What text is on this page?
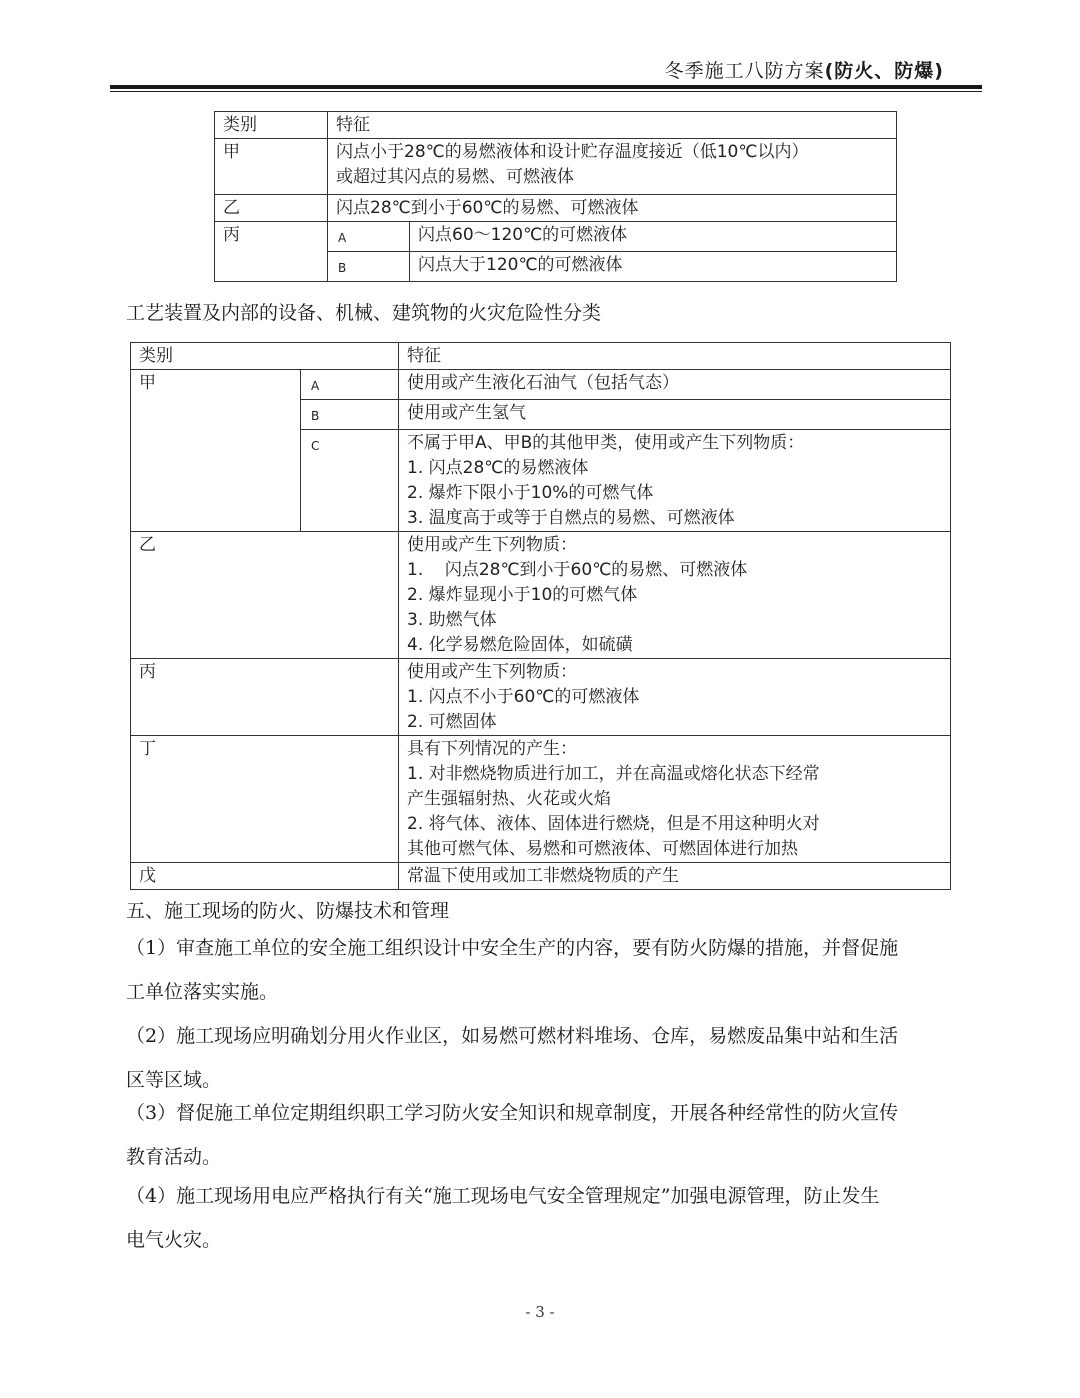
冬季施工八防方案(防火、防爆)
类别	特征	
甲	闪点小于28℃的易燃液体和设计贮存温度接近（低10℃以内）
或超过其闪点的易燃、可燃液体	

乙	闪点28℃到小于60℃的易燃、可燃液体	
丙	A	闪点60～120℃的可燃液体
	B	闪点大于120℃的可燃液体
工艺装置及内部的设备、机械、建筑物的火灾危险性分类
类别		特征
甲	A	使用或产生液化石油气（包括气态）
	B	使用或产生氢气
	C	不属于甲A、甲B的其他甲类，使用或产生下列物质：
1. 闪点28℃的易燃液体
2. 爆炸下限小于10%的可燃气体
3. 温度高于或等于自燃点的易燃、可燃液体

乙		使用或产生下列物质：
1.    闪点28℃到小于60℃的易燃、可燃液体
2. 爆炸显现小于10的可燃气体
3. 助燃气体
4. 化学易燃危险固体，如硫磺

丙		使用或产生下列物质：
1. 闪点不小于60℃的可燃液体
2. 可燃固体

丁		具有下列情况的产生：
1. 对非燃烧物质进行加工，并在高温或熔化状态下经常
产生强辐射热、火花或火焰
2. 将气体、液体、固体进行燃烧，但是不用这种明火对
其他可燃气体、易燃和可燃液体、可燃固体进行加热

戊		常温下使用或加工非燃烧物质的产生
五、施工现场的防火、防爆技术和管理
（1）审查施工单位的安全施工组织设计中安全生产的内容，要有防火防爆的措施，并督促施
工单位落实实施。
（2）施工现场应明确划分用火作业区，如易燃可燃材料堆场、仓库，易燃废品集中站和生活
区等区域。
（3）督促施工单位定期组织职工学习防火安全知识和规章制度，开展各种经常性的防火宣传
教育活动。
（4）施工现场用电应严格执行有关“施工现场电气安全管理规定”加强电源管理，防止发生
电气火灾。
- 3 -
